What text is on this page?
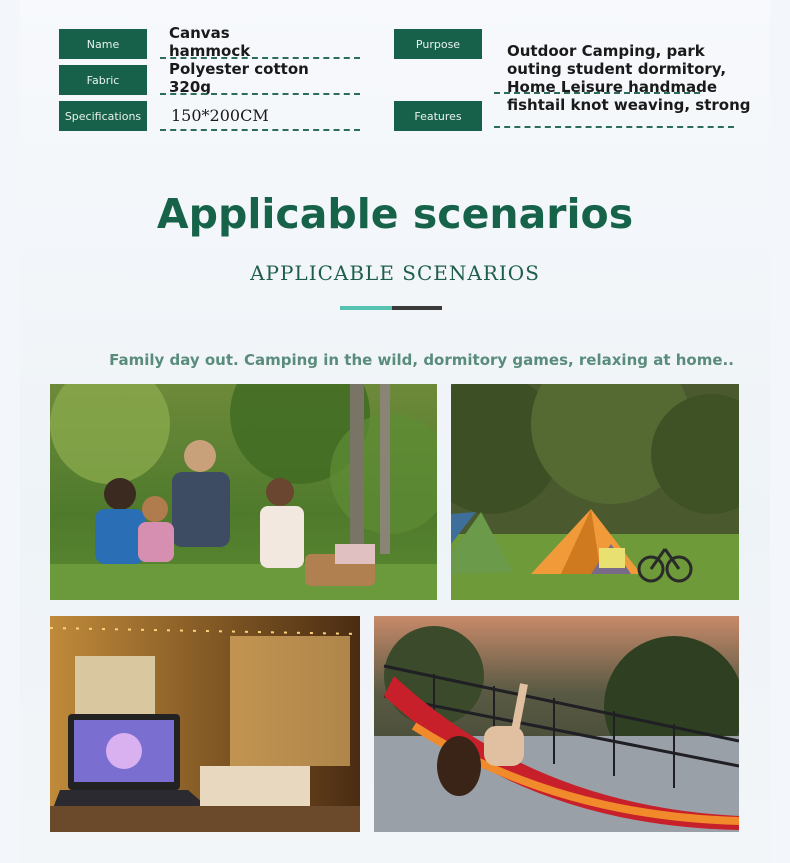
Name
Canvas
hammock
Fabric
Polyester cotton
320g
Specifications	150*200CM
Purpose	Outdoor Camping, park
outing student dormitory,
Home Leisure handmade
Features
fishtail knot weaving, strong
Applicable scenarios
APPLICABLE SCENARIOS
Family day out. Camping in the wild, dormitory games, relaxing at home..
